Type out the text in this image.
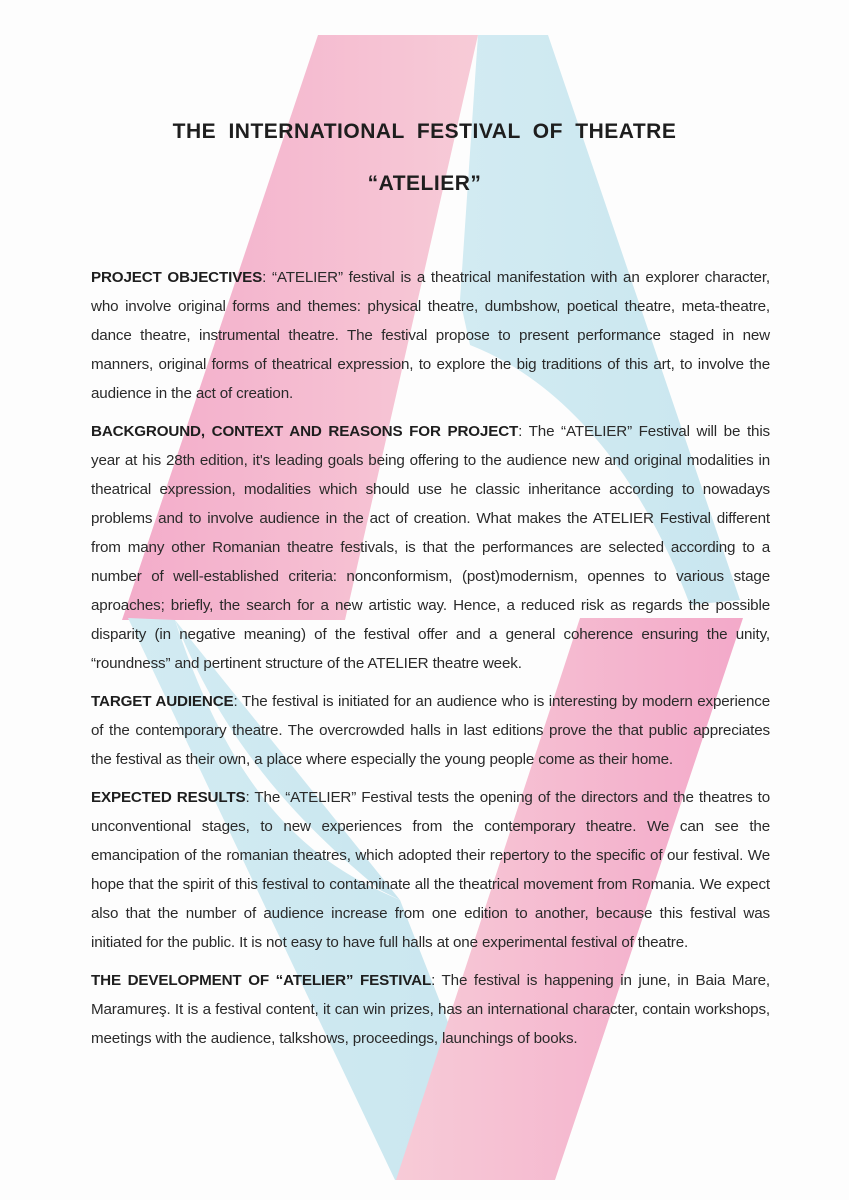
THE INTERNATIONAL FESTIVAL OF THEATRE
“ATELIER”

PROJECT OBJECTIVES: “ATELIER” festival is a theatrical manifestation with an explorer character, who involve original forms and themes: physical theatre, dumbshow, poetical theatre, meta-theatre, dance theatre, instrumental theatre. The festival propose to present performance staged in new manners, original forms of theatrical expression, to explore the big traditions of this art, to involve the audience in the act of creation.

BACKGROUND, CONTEXT AND REASONS FOR PROJECT: The “ATELIER” Festival will be this year at his 28th edition, it's leading goals being offering to the audience new and original modalities in theatrical expression, modalities which should use he classic inheritance according to nowadays problems and to involve audience in the act of creation. What makes the ATELIER Festival different from many other Romanian theatre festivals, is that the performances are selected according to a number of well-established criteria: nonconformism, (post)modernism, opennes to various stage aproaches; briefly, the search for a new artistic way. Hence, a reduced risk as regards the possible disparity (in negative meaning) of the festival offer and a general coherence ensuring the unity, “roundness” and pertinent structure of the ATELIER theatre week.

TARGET AUDIENCE: The festival is initiated for an audience who is interesting by modern experience of the contemporary theatre. The overcrowded halls in last editions prove the that public appreciates the festival as their own, a place where especially the young people come as their home.

EXPECTED RESULTS: The “ATELIER” Festival tests the opening of the directors and the theatres to unconventional stages, to new experiences from the contemporary theatre. We can see the emancipation of the romanian theatres, which adopted their repertory to the specific of our festival. We hope that the spirit of this festival to contaminate all the theatrical movement from Romania. We expect also that the number of audience increase from one edition to another, because this festival was initiated for the public. It is not easy to have full halls at one experimental festival of theatre.

THE DEVELOPMENT OF “ATELIER” FESTIVAL: The festival is happening in june, in Baia Mare, Maramureş. It is a festival content, it can win prizes, has an international character, contain workshops, meetings with the audience, talkshows, proceedings, launchings of books.
